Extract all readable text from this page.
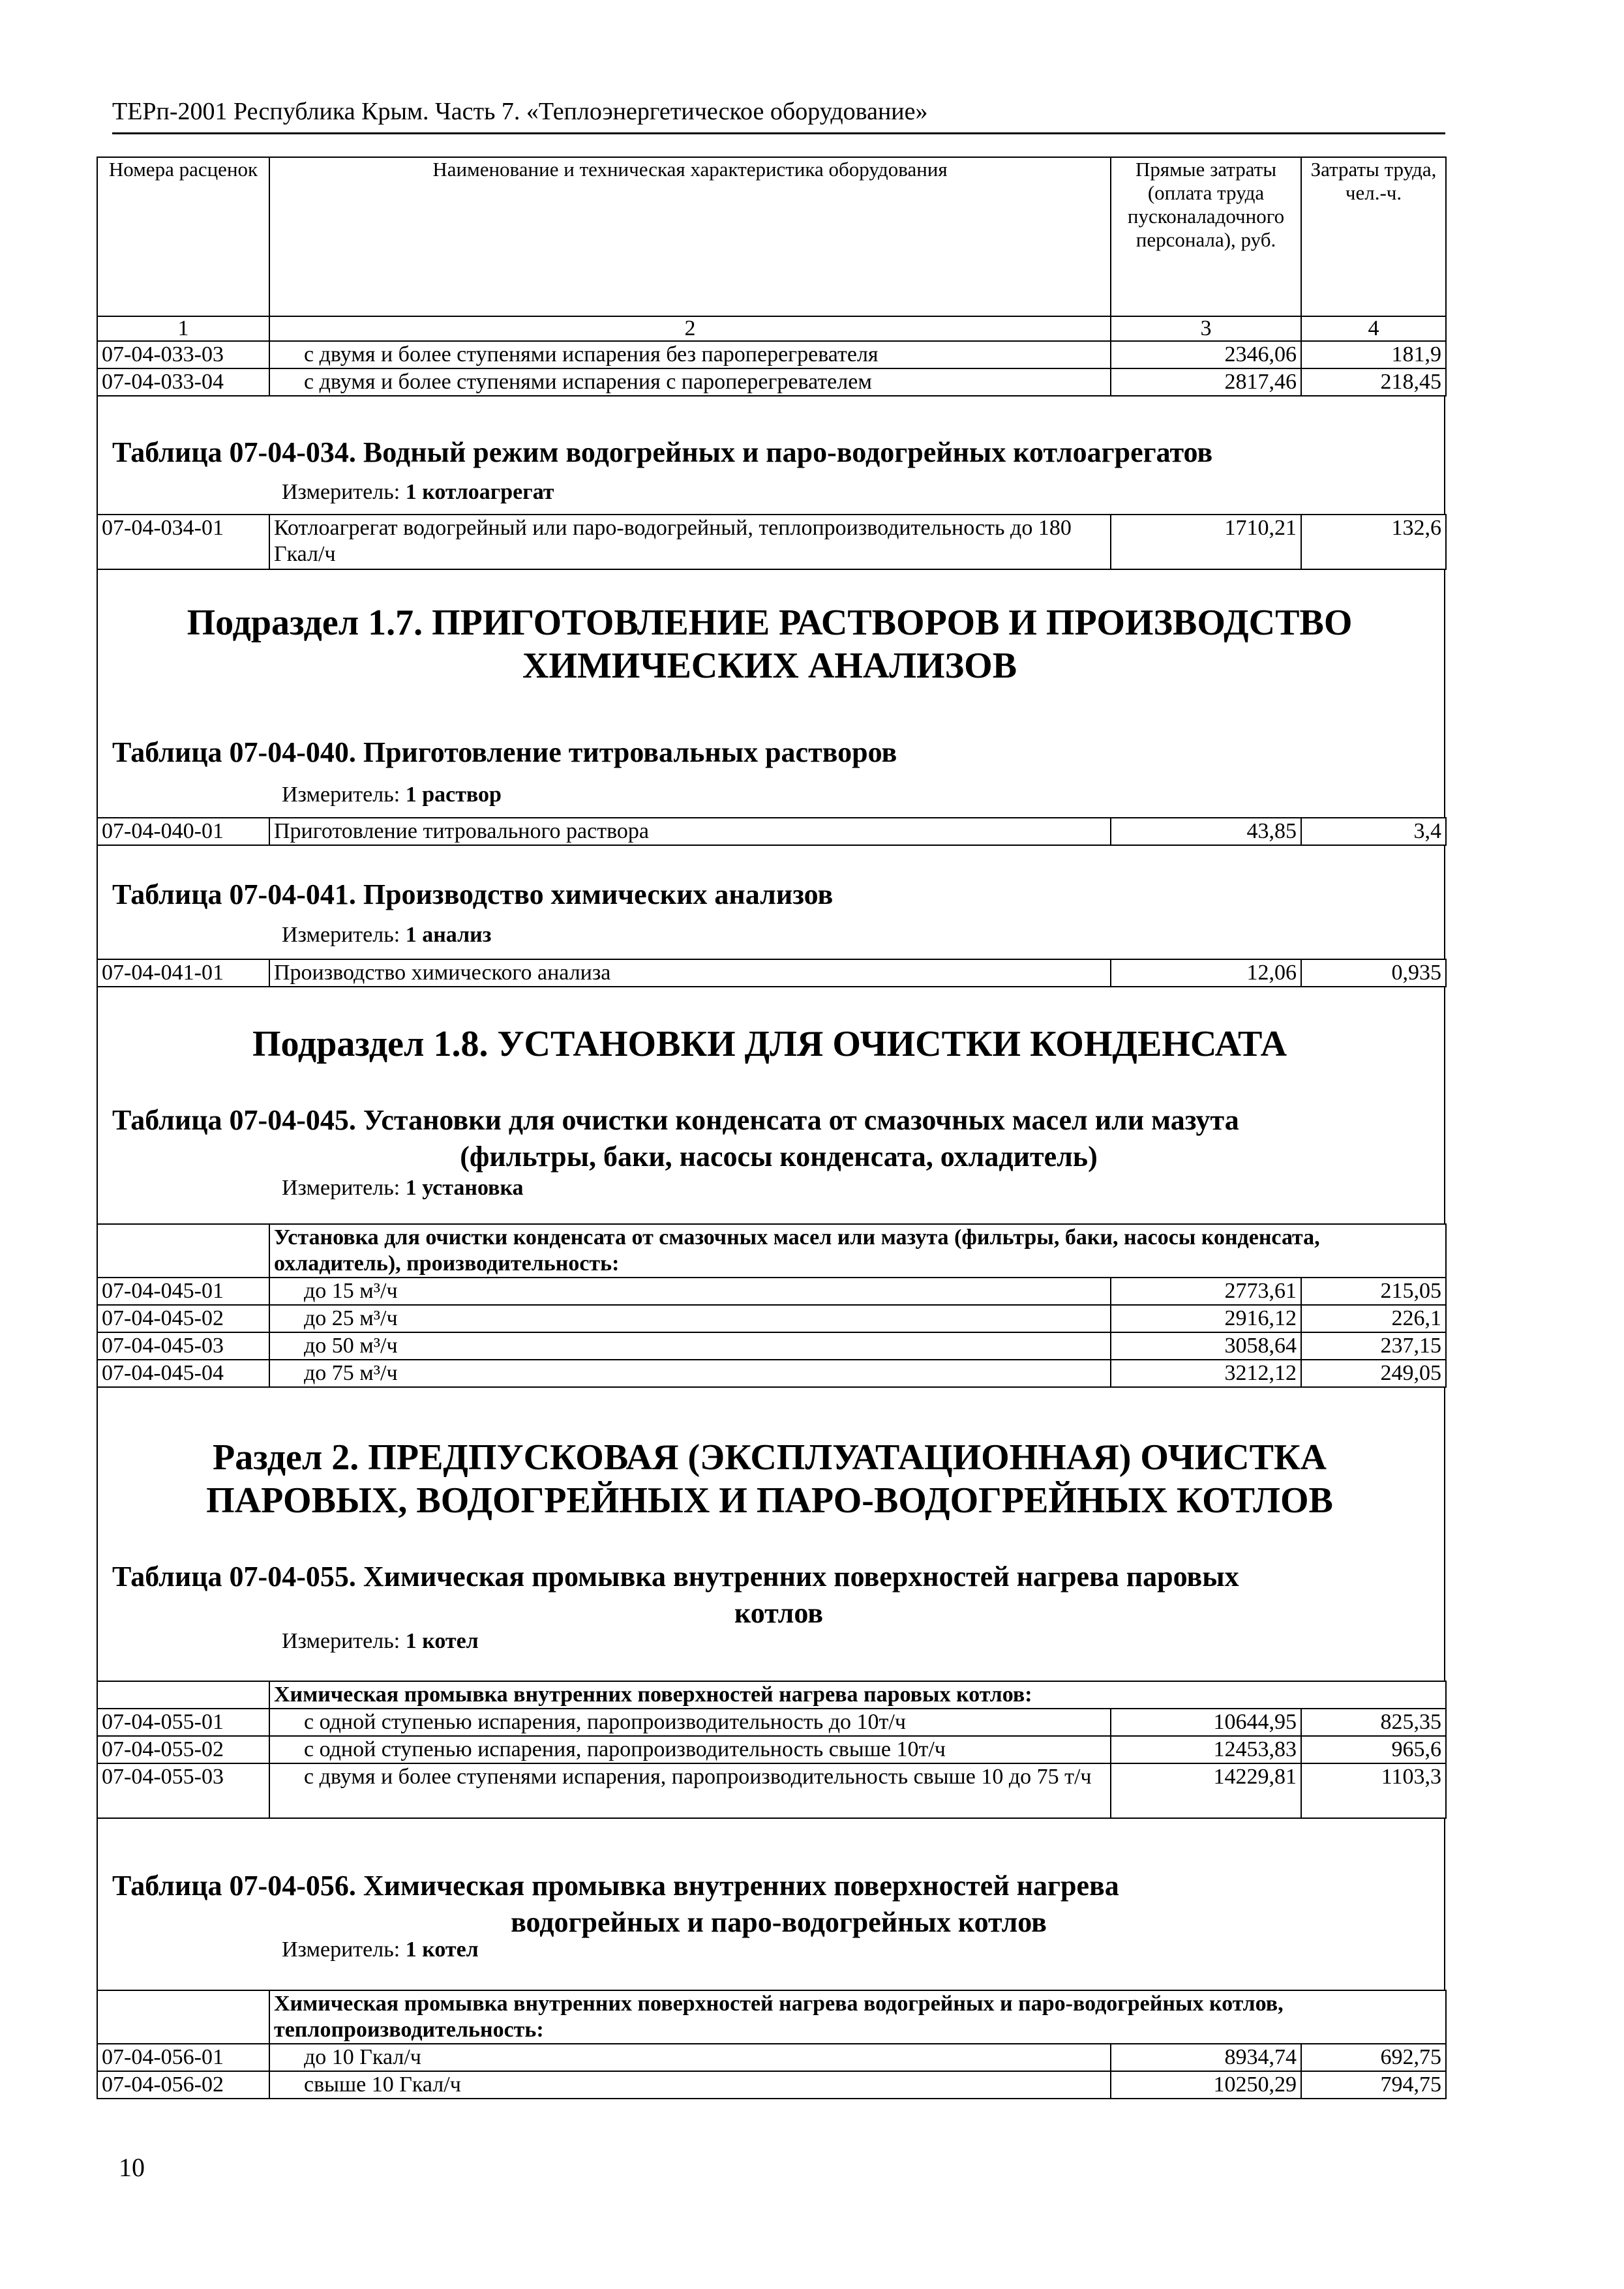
ТЕРп-2001 Республика Крым. Часть 7. «Теплоэнергетическое оборудование»
Номера расценок	Наименование и техническая характеристика оборудования	Прямые затраты (оплата труда пусконаладочного персонала), руб.	Затраты труда, чел.-ч.
1	2	3	4
07-04-033-03	с двумя и более ступенями испарения без пароперегревателя	2346,06	181,9
07-04-033-04	с двумя и более ступенями испарения с пароперегревателем	2817,46	218,45
07-04-034-01	Котлоагрегат водогрейный или паро-водогрейный, теплопроизводительность до 180 Гкал/ч	1710,21	132,6
07-04-040-01	Приготовление титровального раствора	43,85	3,4
07-04-041-01	Производство химического анализа	12,06	0,935
	Установка для очистки конденсата от смазочных масел или мазута (фильтры, баки, насосы конденсата, охладитель), производительность:		
07-04-045-01	до 15 м³/ч	2773,61	215,05
07-04-045-02	до 25 м³/ч	2916,12	226,1
07-04-045-03	до 50 м³/ч	3058,64	237,15
07-04-045-04	до 75 м³/ч	3212,12	249,05
	Химическая промывка внутренних поверхностей нагрева паровых котлов:		
07-04-055-01	с одной ступенью испарения, паропроизводительность до 10т/ч	10644,95	825,35
07-04-055-02	с одной ступенью испарения, паропроизводительность свыше 10т/ч	12453,83	965,6
07-04-055-03	с двумя и более ступенями испарения, паропроизводительность свыше 10 до 75 т/ч	14229,81	1103,3
	Химическая промывка внутренних поверхностей нагрева водогрейных и паро-водогрейных котлов, теплопроизводительность:		
07-04-056-01	до 10 Гкал/ч	8934,74	692,75
07-04-056-02	свыше 10 Гкал/ч	10250,29	794,75
Таблица 07-04-034. Водный режим водогрейных и паро-водогрейных котлоагрегатов
Измеритель: 1 котлоагрегат
Подраздел 1.7. ПРИГОТОВЛЕНИЕ РАСТВОРОВ И ПРОИЗВОДСТВО ХИМИЧЕСКИХ АНАЛИЗОВ
Таблица 07-04-040. Приготовление титровальных растворов
Измеритель: 1 раствор
Таблица 07-04-041. Производство химических анализов
Измеритель: 1 анализ
Подраздел 1.8. УСТАНОВКИ ДЛЯ ОЧИСТКИ КОНДЕНСАТА
Таблица 07-04-045. Установки для очистки конденсата от смазочных масел или мазута
(фильтры, баки, насосы конденсата, охладитель)
Измеритель: 1 установка
Раздел 2. ПРЕДПУСКОВАЯ (ЭКСПЛУАТАЦИОННАЯ) ОЧИСТКА ПАРОВЫХ, ВОДОГРЕЙНЫХ И ПАРО-ВОДОГРЕЙНЫХ КОТЛОВ
Таблица 07-04-055. Химическая промывка внутренних поверхностей нагрева паровых
котлов
Измеритель: 1 котел
Таблица 07-04-056. Химическая промывка внутренних поверхностей нагрева
водогрейных и паро-водогрейных котлов
Измеритель: 1 котел
10
